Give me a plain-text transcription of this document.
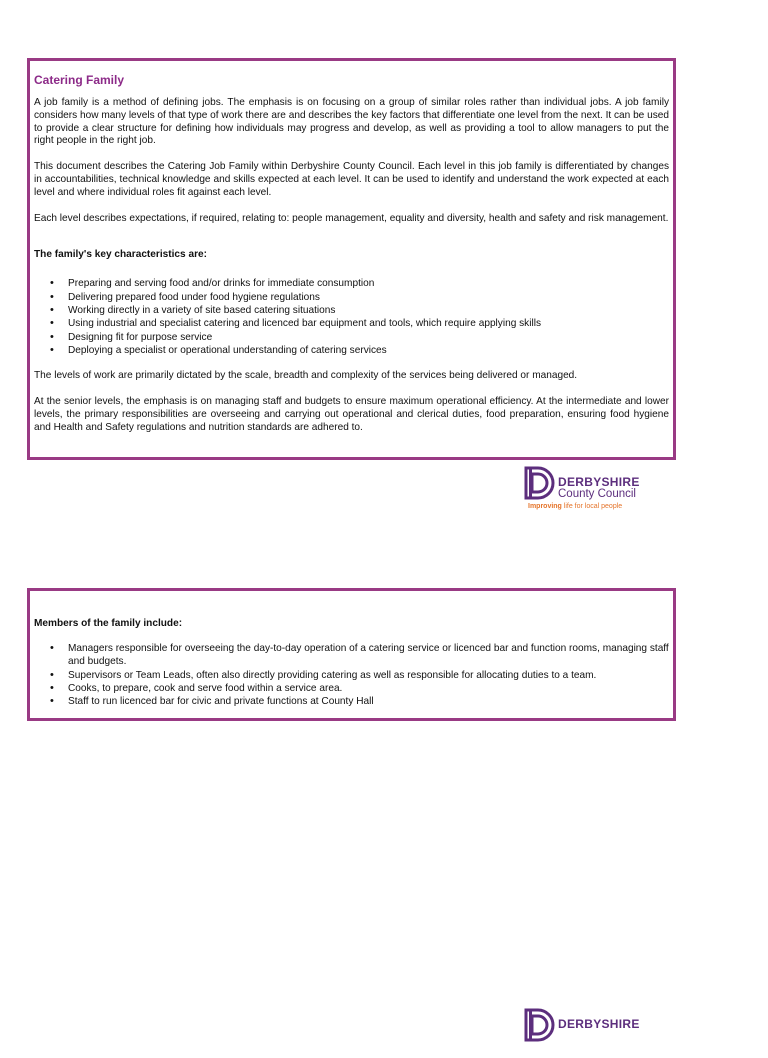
Catering Family

A job family is a method of defining jobs. The emphasis is on focusing on a group of similar roles rather than individual jobs. A job family considers how many levels of that type of work there are and describes the key factors that differentiate one level from the next. It can be used to provide a clear structure for defining how individuals may progress and develop, as well as providing a tool to allow managers to put the right people in the right job.

This document describes the Catering Job Family within Derbyshire County Council. Each level in this job family is differentiated by changes in accountabilities, technical knowledge and skills expected at each level. It can be used to identify and understand the work expected at each level and where individual roles fit against each level.

Each level describes expectations, if required, relating to: people management, equality and diversity, health and safety and risk management.

The family's key characteristics are:
• Preparing and serving food and/or drinks for immediate consumption
• Delivering prepared food under food hygiene regulations
• Working directly in a variety of site based catering situations
• Using industrial and specialist catering and licenced bar equipment and tools, which require applying skills
• Designing fit for purpose service
• Deploying a specialist or operational understanding of catering services

The levels of work are primarily dictated by the scale, breadth and complexity of the services being delivered or managed.

At the senior levels, the emphasis is on managing staff and budgets to ensure maximum operational efficiency. At the intermediate and lower levels, the primary responsibilities are overseeing and carrying out operational and clerical duties, food preparation, ensuring food hygiene and Health and Safety regulations and nutrition standards are adhered to.

DERBYSHIRE
County Council
Improving life for local people
Members of the family include:
• Managers responsible for overseeing the day-to-day operation of a catering service or licenced bar and function rooms, managing staff and budgets.
• Supervisors or Team Leads, often also directly providing catering as well as responsible for allocating duties to a team.
• Cooks, to prepare, cook and serve food within a service area.
• Staff to run licenced bar for civic and private functions at County Hall
DERBYSHIRE
